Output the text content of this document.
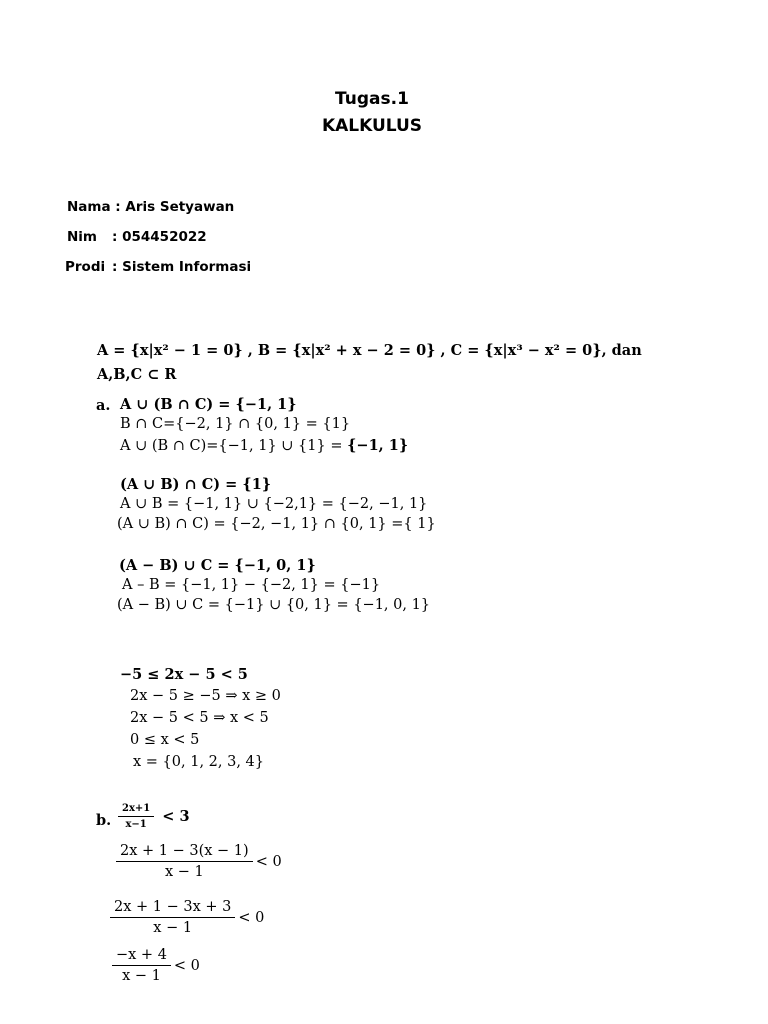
Tugas.1
KALKULUS
Nama : Aris Setyawan
Nim : 054452022
Prodi : Sistem Informasi
A = {x|x² − 1 = 0} , B = {x|x² + x − 2 = 0} , C = {x|x³ − x² = 0}, dan
A,B,C ⊂ R
a. A ∪ (B ∩ C) = {−1, 1}
B ∩ C={−2, 1} ∩ {0, 1} = {1}
A ∪ (B ∩ C)={−1, 1} ∪ {1} = {−1, 1}
(A ∪ B) ∩ C) = {1}
A ∪ B = {−1, 1} ∪ {−2,1} = {−2, −1, 1}
(A ∪ B) ∩ C) = {−2, −1, 1} ∩ {0, 1} ={ 1}
(A − B) ∪ C = {−1, 0, 1}
A – B = {−1, 1} − {−2, 1} = {−1}
(A − B) ∪ C = {−1} ∪ {0, 1} = {−1, 0, 1}
−5 ≤ 2x − 5 < 5
2x − 5 ≥ −5 ⇒ x ≥ 0
2x − 5 < 5 ⇒ x < 5
0 ≤ x < 5
x = {0, 1, 2, 3, 4}
b. $\frac{2x+1}{x-1} < 3$
$\frac{2x + 1 - 3(x - 1)}{x - 1} < 0$
$\frac{2x + 1 - 3x + 3}{x - 1} < 0$
$\frac{-x + 4}{x - 1} < 0$
